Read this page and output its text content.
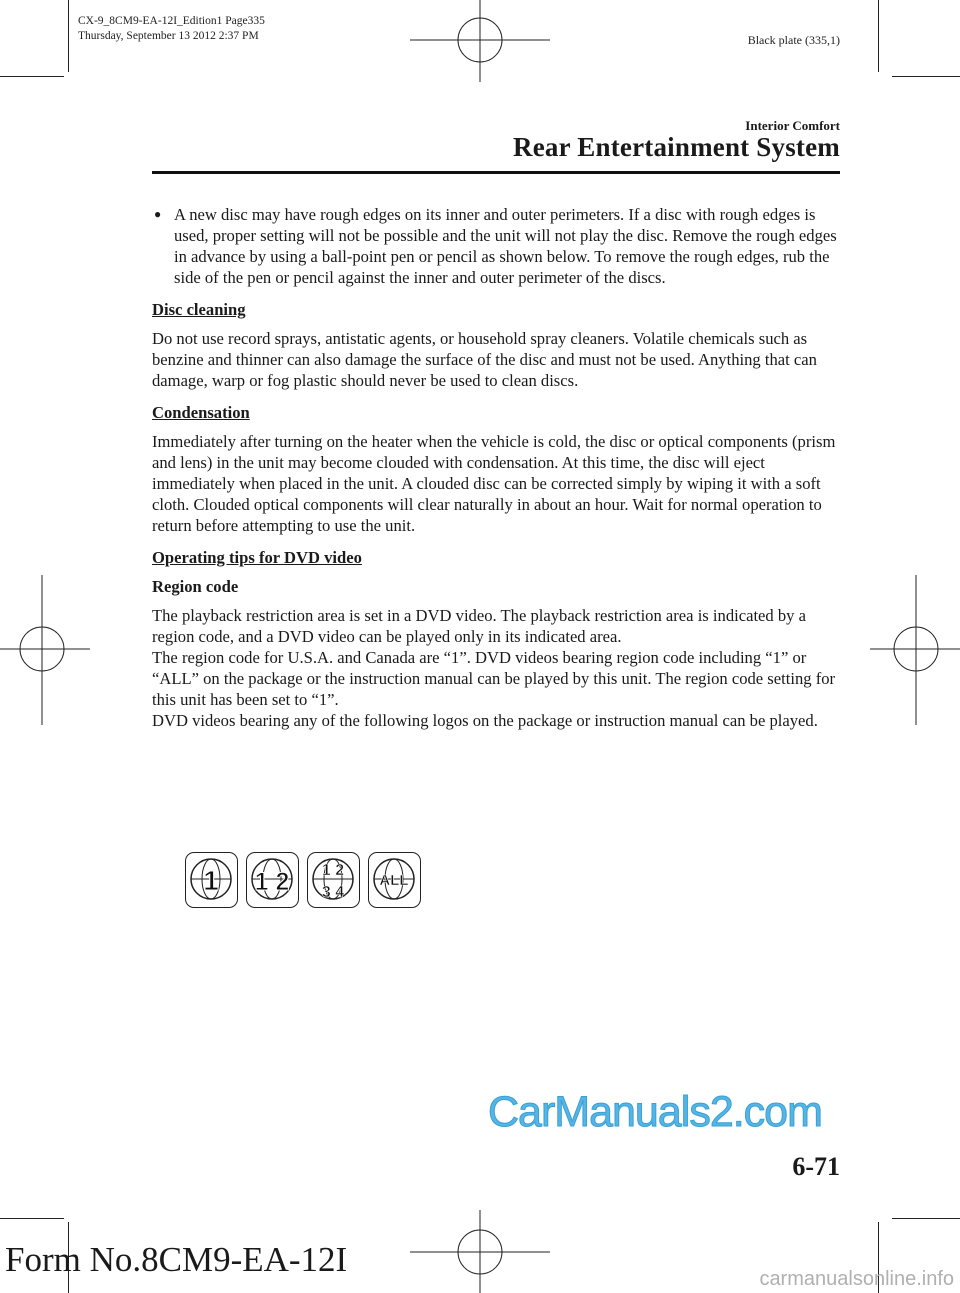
CX-9_8CM9-EA-12I_Edition1 Page335
Thursday, September 13 2012 2:37 PM	Black plate (335,1)
Interior Comfort
Rear Entertainment System
● A new disc may have rough edges on its inner and outer perimeters. If a disc with rough edges is used, proper setting will not be possible and the unit will not play the disc. Remove the rough edges in advance by using a ball-point pen or pencil as shown below. To remove the rough edges, rub the side of the pen or pencil against the inner and outer perimeter of the discs.
Disc cleaning

Do not use record sprays, antistatic agents, or household spray cleaners. Volatile chemicals such as benzine and thinner can also damage the surface of the disc and must not be used. Anything that can damage, warp or fog plastic should never be used to clean discs.

Condensation

Immediately after turning on the heater when the vehicle is cold, the disc or optical components (prism and lens) in the unit may become clouded with condensation. At this time, the disc will eject immediately when placed in the unit. A clouded disc can be corrected simply by wiping it with a soft cloth. Clouded optical components will clear naturally in about an hour. Wait for normal operation to return before attempting to use the unit.

Operating tips for DVD video
Region code
The playback restriction area is set in a DVD video. The playback restriction area is indicated by a region code, and a DVD video can be played only in its indicated area.
The region code for U.S.A. and Canada are “1”. DVD videos bearing region code including “1” or “ALL” on the package or the instruction manual can be played by this unit. The region code setting for this unit has been set to “1”.
DVD videos bearing any of the following logos on the package or instruction manual can be played.
1 1 2 1 2
3 4
ALL
CarManuals2.com
6-71
Form No.8CM9-EA-12I	carmanualsonline.info
